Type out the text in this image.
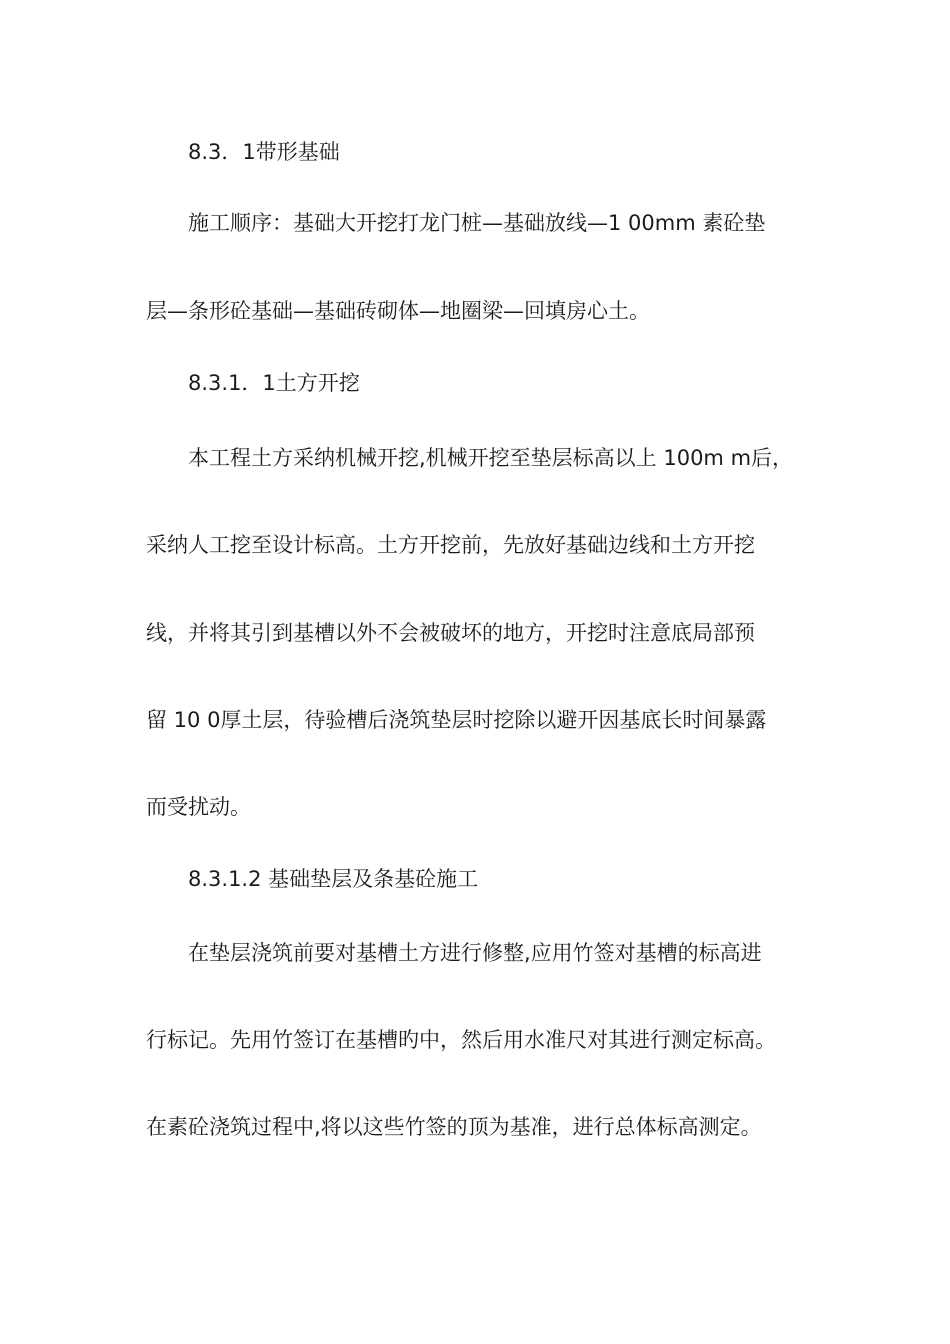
8.3．1带形基础
施工顺序：基础大开挖打龙门桩—基础放线—1 00mm 素砼垫
层—条形砼基础—基础砖砌体—地圈梁—回填房心土。
8.3.1．1土方开挖
本工程土方采纳机械开挖,机械开挖至垫层标高以上 100m m后，
采纳人工挖至设计标高。土方开挖前，先放好基础边线和土方开挖
线，并将其引到基槽以外不会被破坏的地方，开挖时注意底局部预
留 10 0厚土层，待验槽后浇筑垫层时挖除以避开因基底长时间暴露
而受扰动。
8.3.1.2 基础垫层及条基砼施工
在垫层浇筑前要对基槽土方进行修整,应用竹签对基槽的标高进
行标记。先用竹签订在基槽旳中，然后用水准尺对其进行测定标高。
在素砼浇筑过程中,将以这些竹签的顶为基准，进行总体标高测定。
